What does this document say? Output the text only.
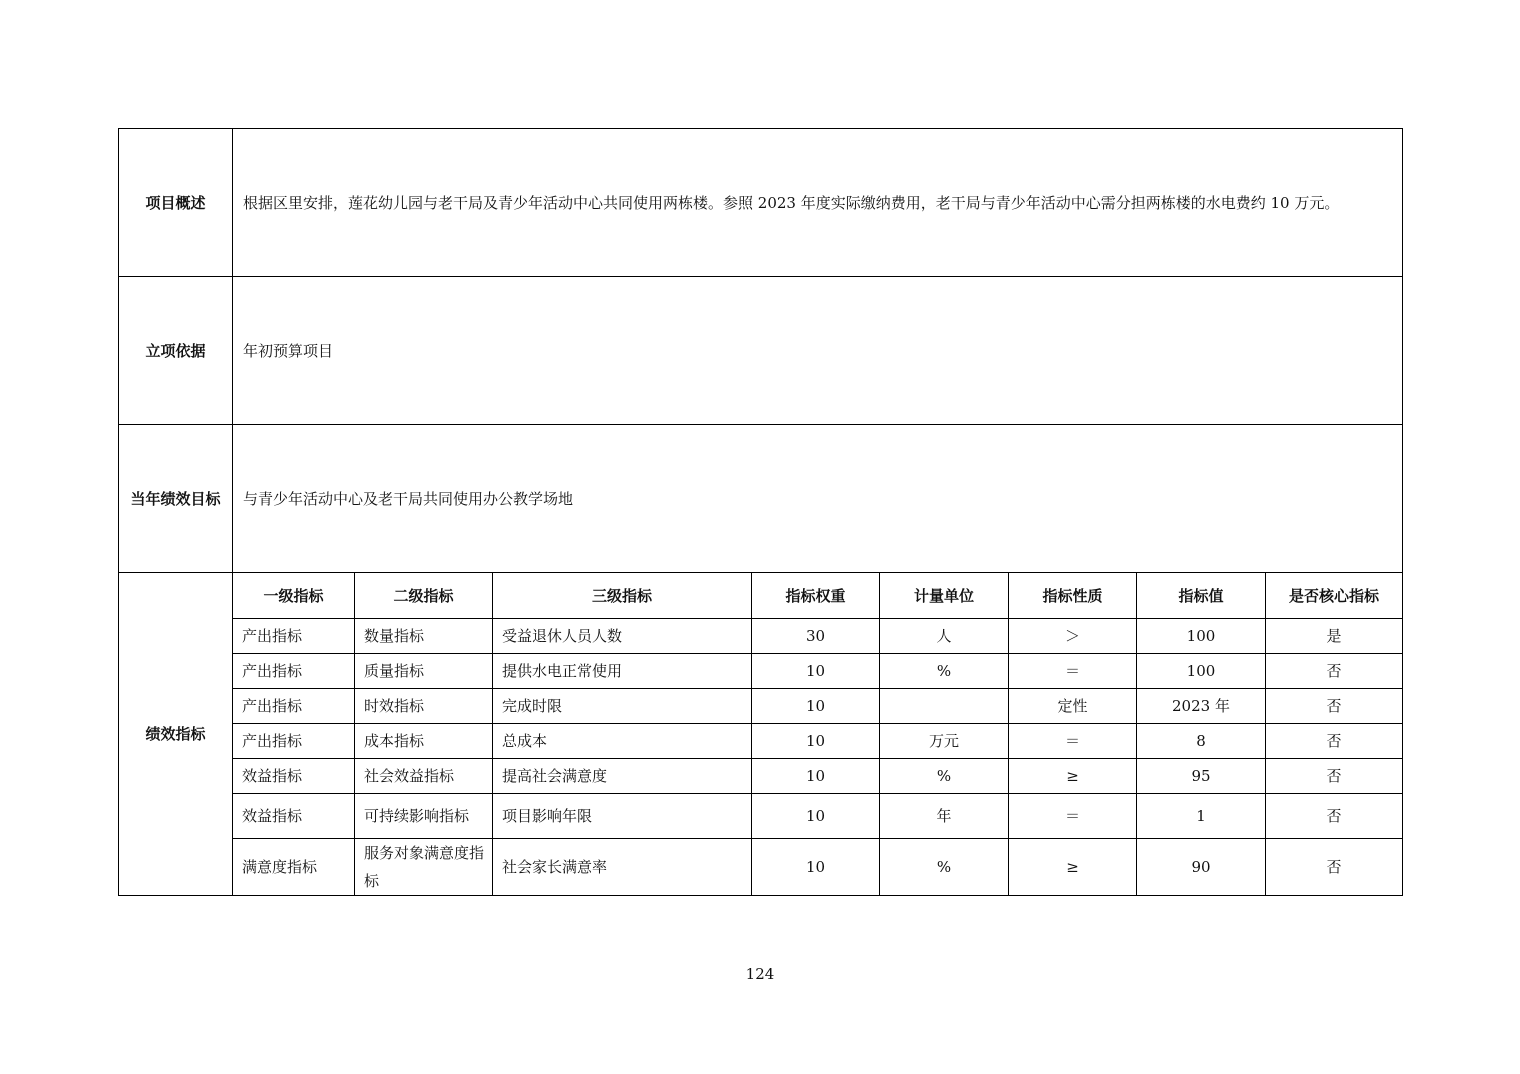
项目概述	根据区里安排，莲花幼儿园与老干局及青少年活动中心共同使用两栋楼。参照 2023 年度实际缴纳费用，老干局与青少年活动中心需分担两栋楼的水电费约 10 万元。							
立项依据	年初预算项目							
当年绩效目标	与青少年活动中心及老干局共同使用办公教学场地							
绩效指标	一级指标	二级指标	三级指标	指标权重	计量单位	指标性质	指标值	是否核心指标
	产出指标	数量指标	受益退休人员人数	30	人	＞	100	是
	产出指标	质量指标	提供水电正常使用	10	%	＝	100	否
	产出指标	时效指标	完成时限	10		定性	2023 年	否
	产出指标	成本指标	总成本	10	万元	＝	8	否
	效益指标	社会效益指标	提高社会满意度	10	%	≥	95	否
	效益指标	可持续影响指标	项目影响年限	10	年	＝	1	否
	满意度指标	服务对象满意度指标	社会家长满意率	10	%	≥	90	否
124
